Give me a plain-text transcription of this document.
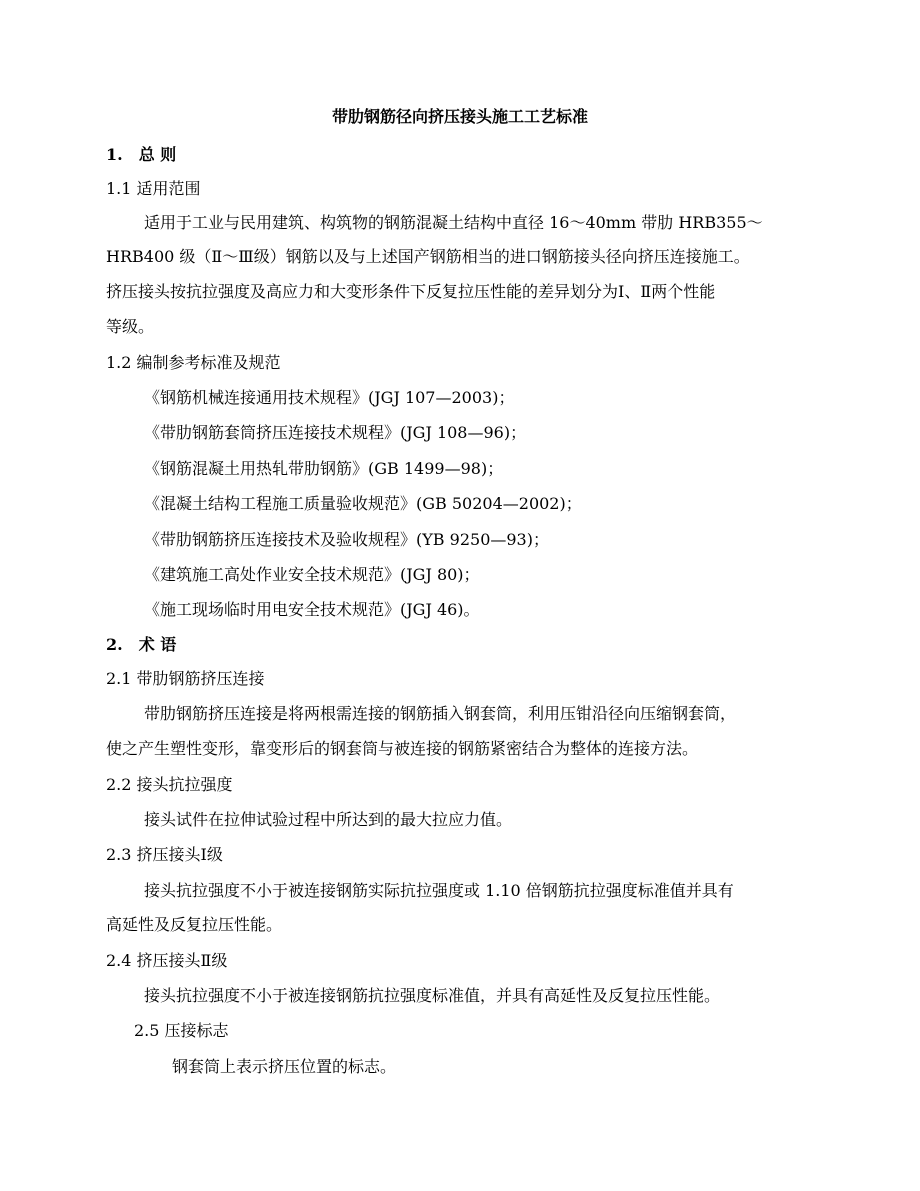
带肋钢筋径向挤压接头施工工艺标准
1.　总 则
1.1 适用范围
适用于工业与民用建筑、构筑物的钢筋混凝土结构中直径 16～40mm 带肋 HRB355～
HRB400 级（Ⅱ～Ⅲ级）钢筋以及与上述国产钢筋相当的进口钢筋接头径向挤压连接施工。
挤压接头按抗拉强度及高应力和大变形条件下反复拉压性能的差异划分为Ⅰ、Ⅱ两个性能
等级。
1.2 编制参考标准及规范
《钢筋机械连接通用技术规程》(JGJ 107—2003)；
《带肋钢筋套筒挤压连接技术规程》(JGJ 108—96)；
《钢筋混凝土用热轧带肋钢筋》(GB 1499—98)；
《混凝土结构工程施工质量验收规范》(GB 50204—2002)；
《带肋钢筋挤压连接技术及验收规程》(YB 9250—93)；
《建筑施工高处作业安全技术规范》(JGJ 80)；
《施工现场临时用电安全技术规范》(JGJ 46)。
2.　术 语
2.1 带肋钢筋挤压连接
带肋钢筋挤压连接是将两根需连接的钢筋插入钢套筒，利用压钳沿径向压缩钢套筒，
使之产生塑性变形，靠变形后的钢套筒与被连接的钢筋紧密结合为整体的连接方法。
2.2 接头抗拉强度
接头试件在拉伸试验过程中所达到的最大拉应力值。
2.3 挤压接头Ⅰ级
接头抗拉强度不小于被连接钢筋实际抗拉强度或 1.10 倍钢筋抗拉强度标准值并具有
高延性及反复拉压性能。
2.4 挤压接头Ⅱ级
接头抗拉强度不小于被连接钢筋抗拉强度标准值，并具有高延性及反复拉压性能。
2.5 压接标志
钢套筒上表示挤压位置的标志。
